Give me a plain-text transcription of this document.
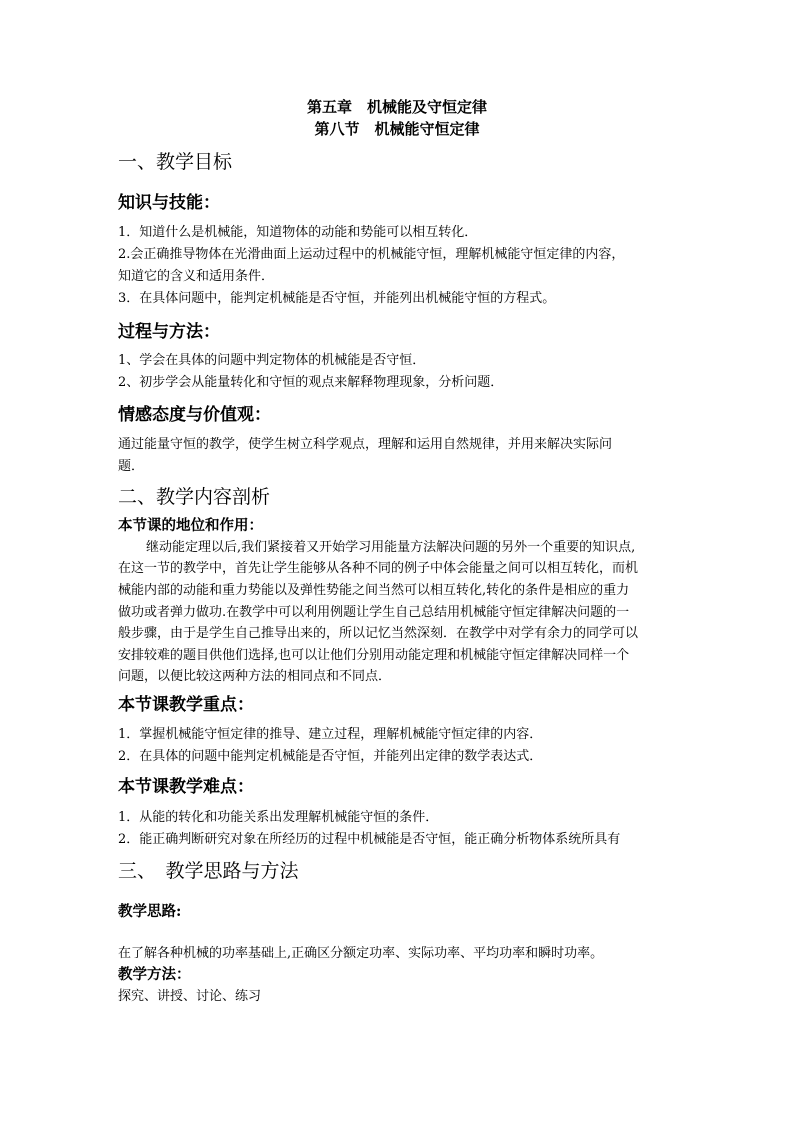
第五章　机械能及守恒定律
第八节　机械能守恒定律
一、教学目标
知识与技能：
1．知道什么是机械能，知道物体的动能和势能可以相互转化．
2.会正确推导物体在光滑曲面上运动过程中的机械能守恒，理解机械能守恒定律的内容，
知道它的含义和适用条件．
3．在具体问题中，能判定机械能是否守恒，并能列出机械能守恒的方程式。
过程与方法：
1、学会在具体的问题中判定物体的机械能是否守恒．
2、初步学会从能量转化和守恒的观点来解释物理现象，分析问题．
情感态度与价值观：
通过能量守恒的教学，使学生树立科学观点，理解和运用自然规律，并用来解决实际问
题．
二、教学内容剖析
本节课的地位和作用：
继动能定理以后,我们紧接着又开始学习用能量方法解决问题的另外一个重要的知识点,
在这一节的教学中，首先让学生能够从各种不同的例子中体会能量之间可以相互转化，而机
械能内部的动能和重力势能以及弹性势能之间当然可以相互转化,转化的条件是相应的重力
做功或者弹力做功.在教学中可以利用例题让学生自己总结用机械能守恒定律解决问题的一
般步骤，由于是学生自己推导出来的，所以记忆当然深刻．在教学中对学有余力的同学可以
安排较难的题目供他们选择,也可以让他们分别用动能定理和机械能守恒定律解决同样一个
问题，以便比较这两种方法的相同点和不同点．
本节课教学重点：
1．掌握机械能守恒定律的推导、建立过程，理解机械能守恒定律的内容．
2．在具体的问题中能判定机械能是否守恒，并能列出定律的数学表达式．
本节课教学难点：
1．从能的转化和功能关系出发理解机械能守恒的条件．
2．能正确判断研究对象在所经历的过程中机械能是否守恒，能正确分析物体系统所具有
三、　教学思路与方法
教学思路:
在了解各种机械的功率基础上,正确区分额定功率、实际功率、平均功率和瞬时功率。
教学方法：
探究、讲授、讨论、练习
